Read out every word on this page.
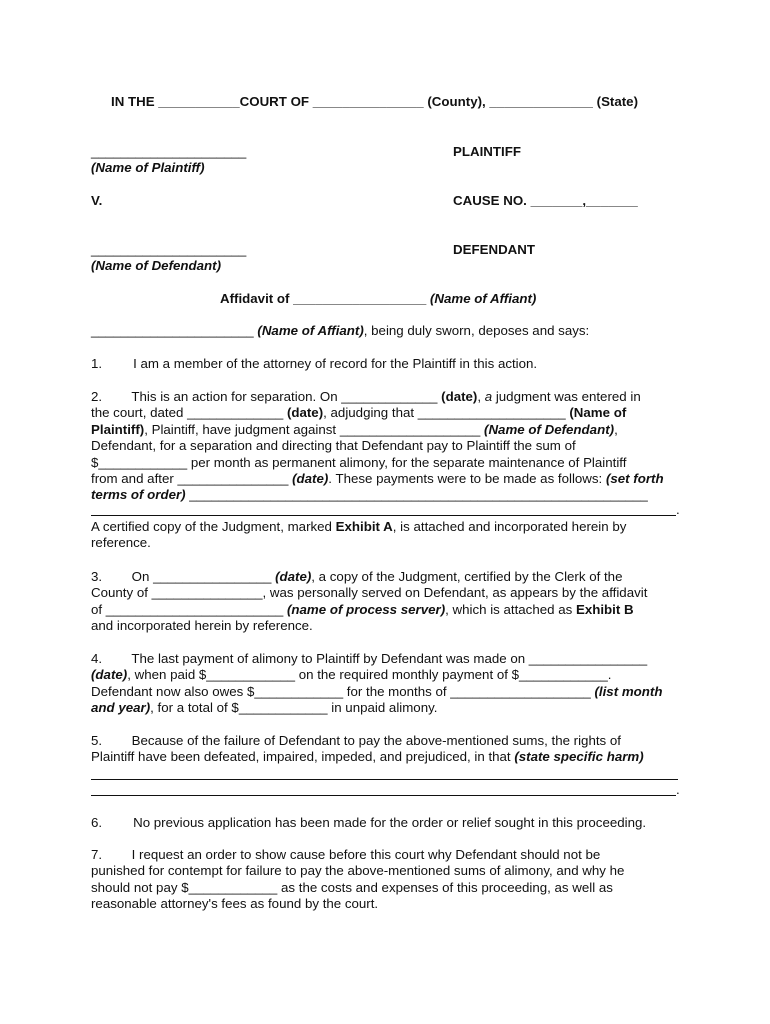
IN THE ___________COURT OF _______________ (County), ______________ (State)
_____________________
(Name of Plaintiff)
V.
_____________________
(Name of Defendant)
PLAINTIFF
CAUSE NO. _______,_______
DEFENDANT
Affidavit of __________________ (Name of Affiant)
______________________ (Name of Affiant), being duly sworn, deposes and says:
1. I am a member of the attorney of record for the Plaintiff in this action.
2.        This is an action for separation. On _____________ (date), a judgment was entered in
the court, dated _____________ (date), adjudging that ____________________ (Name of
Plaintiff), Plaintiff, have judgment against ___________________ (Name of Defendant),
Defendant, for a separation and directing that Defendant pay to Plaintiff the sum of
$____________ per month as permanent alimony, for the separate maintenance of Plaintiff
from and after _______________ (date). These payments were to be made as follows: (set forth
terms of order) ______________________________________________________________
.
A certified copy of the Judgment, marked Exhibit A, is attached and incorporated herein by
reference.
3.        On ________________ (date), a copy of the Judgment, certified by the Clerk of the
County of _______________, was personally served on Defendant, as appears by the affidavit
of ________________________ (name of process server), which is attached as Exhibit B
and incorporated herein by reference.
4.        The last payment of alimony to Plaintiff by Defendant was made on ________________
(date), when paid $____________ on the required monthly payment of $____________.
Defendant now also owes $____________ for the months of ___________________ (list month
and year), for a total of $____________ in unpaid alimony.
5.        Because of the failure of Defendant to pay the above-mentioned sums, the rights of
Plaintiff have been defeated, impaired, impeded, and prejudiced, in that (state specific harm)
.
6. No previous application has been made for the order or relief sought in this proceeding.
7.        I request an order to show cause before this court why Defendant should not be
punished for contempt for failure to pay the above-mentioned sums of alimony, and why he
should not pay $____________ as the costs and expenses of this proceeding, as well as
reasonable attorney's fees as found by the court.
